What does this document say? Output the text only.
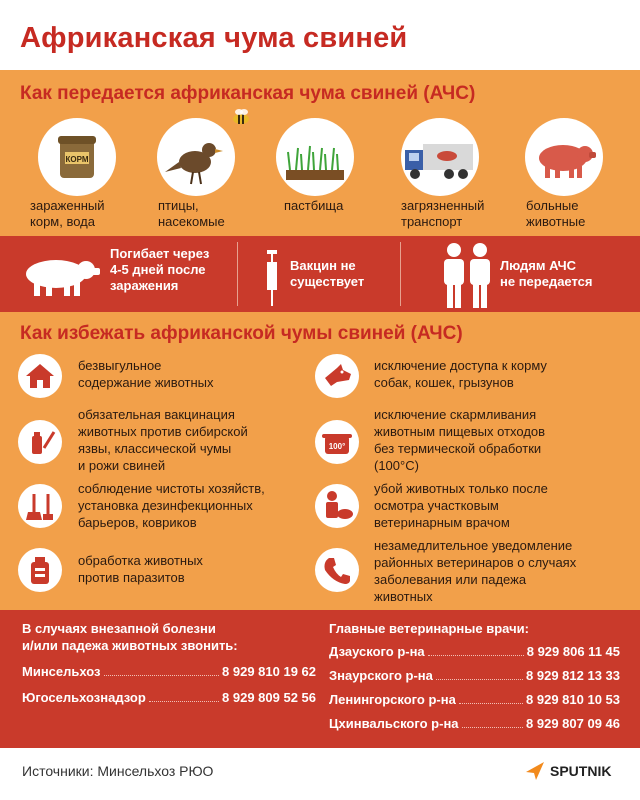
Африканская чума свиней
Как передается африканская чума свиней (АЧС)
КОРМ
зараженный
корм, вода
птицы,
насекомые
пастбища	загрязненный
транспорт
больные
животные
Погибает через
4-5 дней после
заражения
Вакцин не
существует
Людям АЧС
не передается
Как избежать африканской чумы свиней (АЧС)
безвыгульное
содержание животных
обязательная вакцинация
животных против сибирской
язвы, классической чумы
и рожи свиней
соблюдение чистоты хозяйств,
установка дезинфекционных
барьеров, ковриков
обработка животных
против паразитов
исключение доступа к корму
собак, кошек, грызунов
100°
исключение скармливания
животным пищевых отходов
без термической обработки
(100°С)
убой животных только после
осмотра участковым
ветеринарным врачом
незамедлительное уведомление
районных ветеринаров о случаях
заболевания или падежа
животных
В случаях внезапной болезни
и/или падежа животных звонить:
Минсельхоз	8 929 810 19 62
Югосельхознадзор	8 929 809 52 56
Главные ветеринарные врачи:
Дзауского р-на	8 929 806 11 45
Знаурского р-на	8 929 812 13 33
Ленингорского р-на	8 929 810 10 53
Цхинвальского р-на	8 929 807 09 46
Источники: Минсельхоз РЮО	SPUTNIK
